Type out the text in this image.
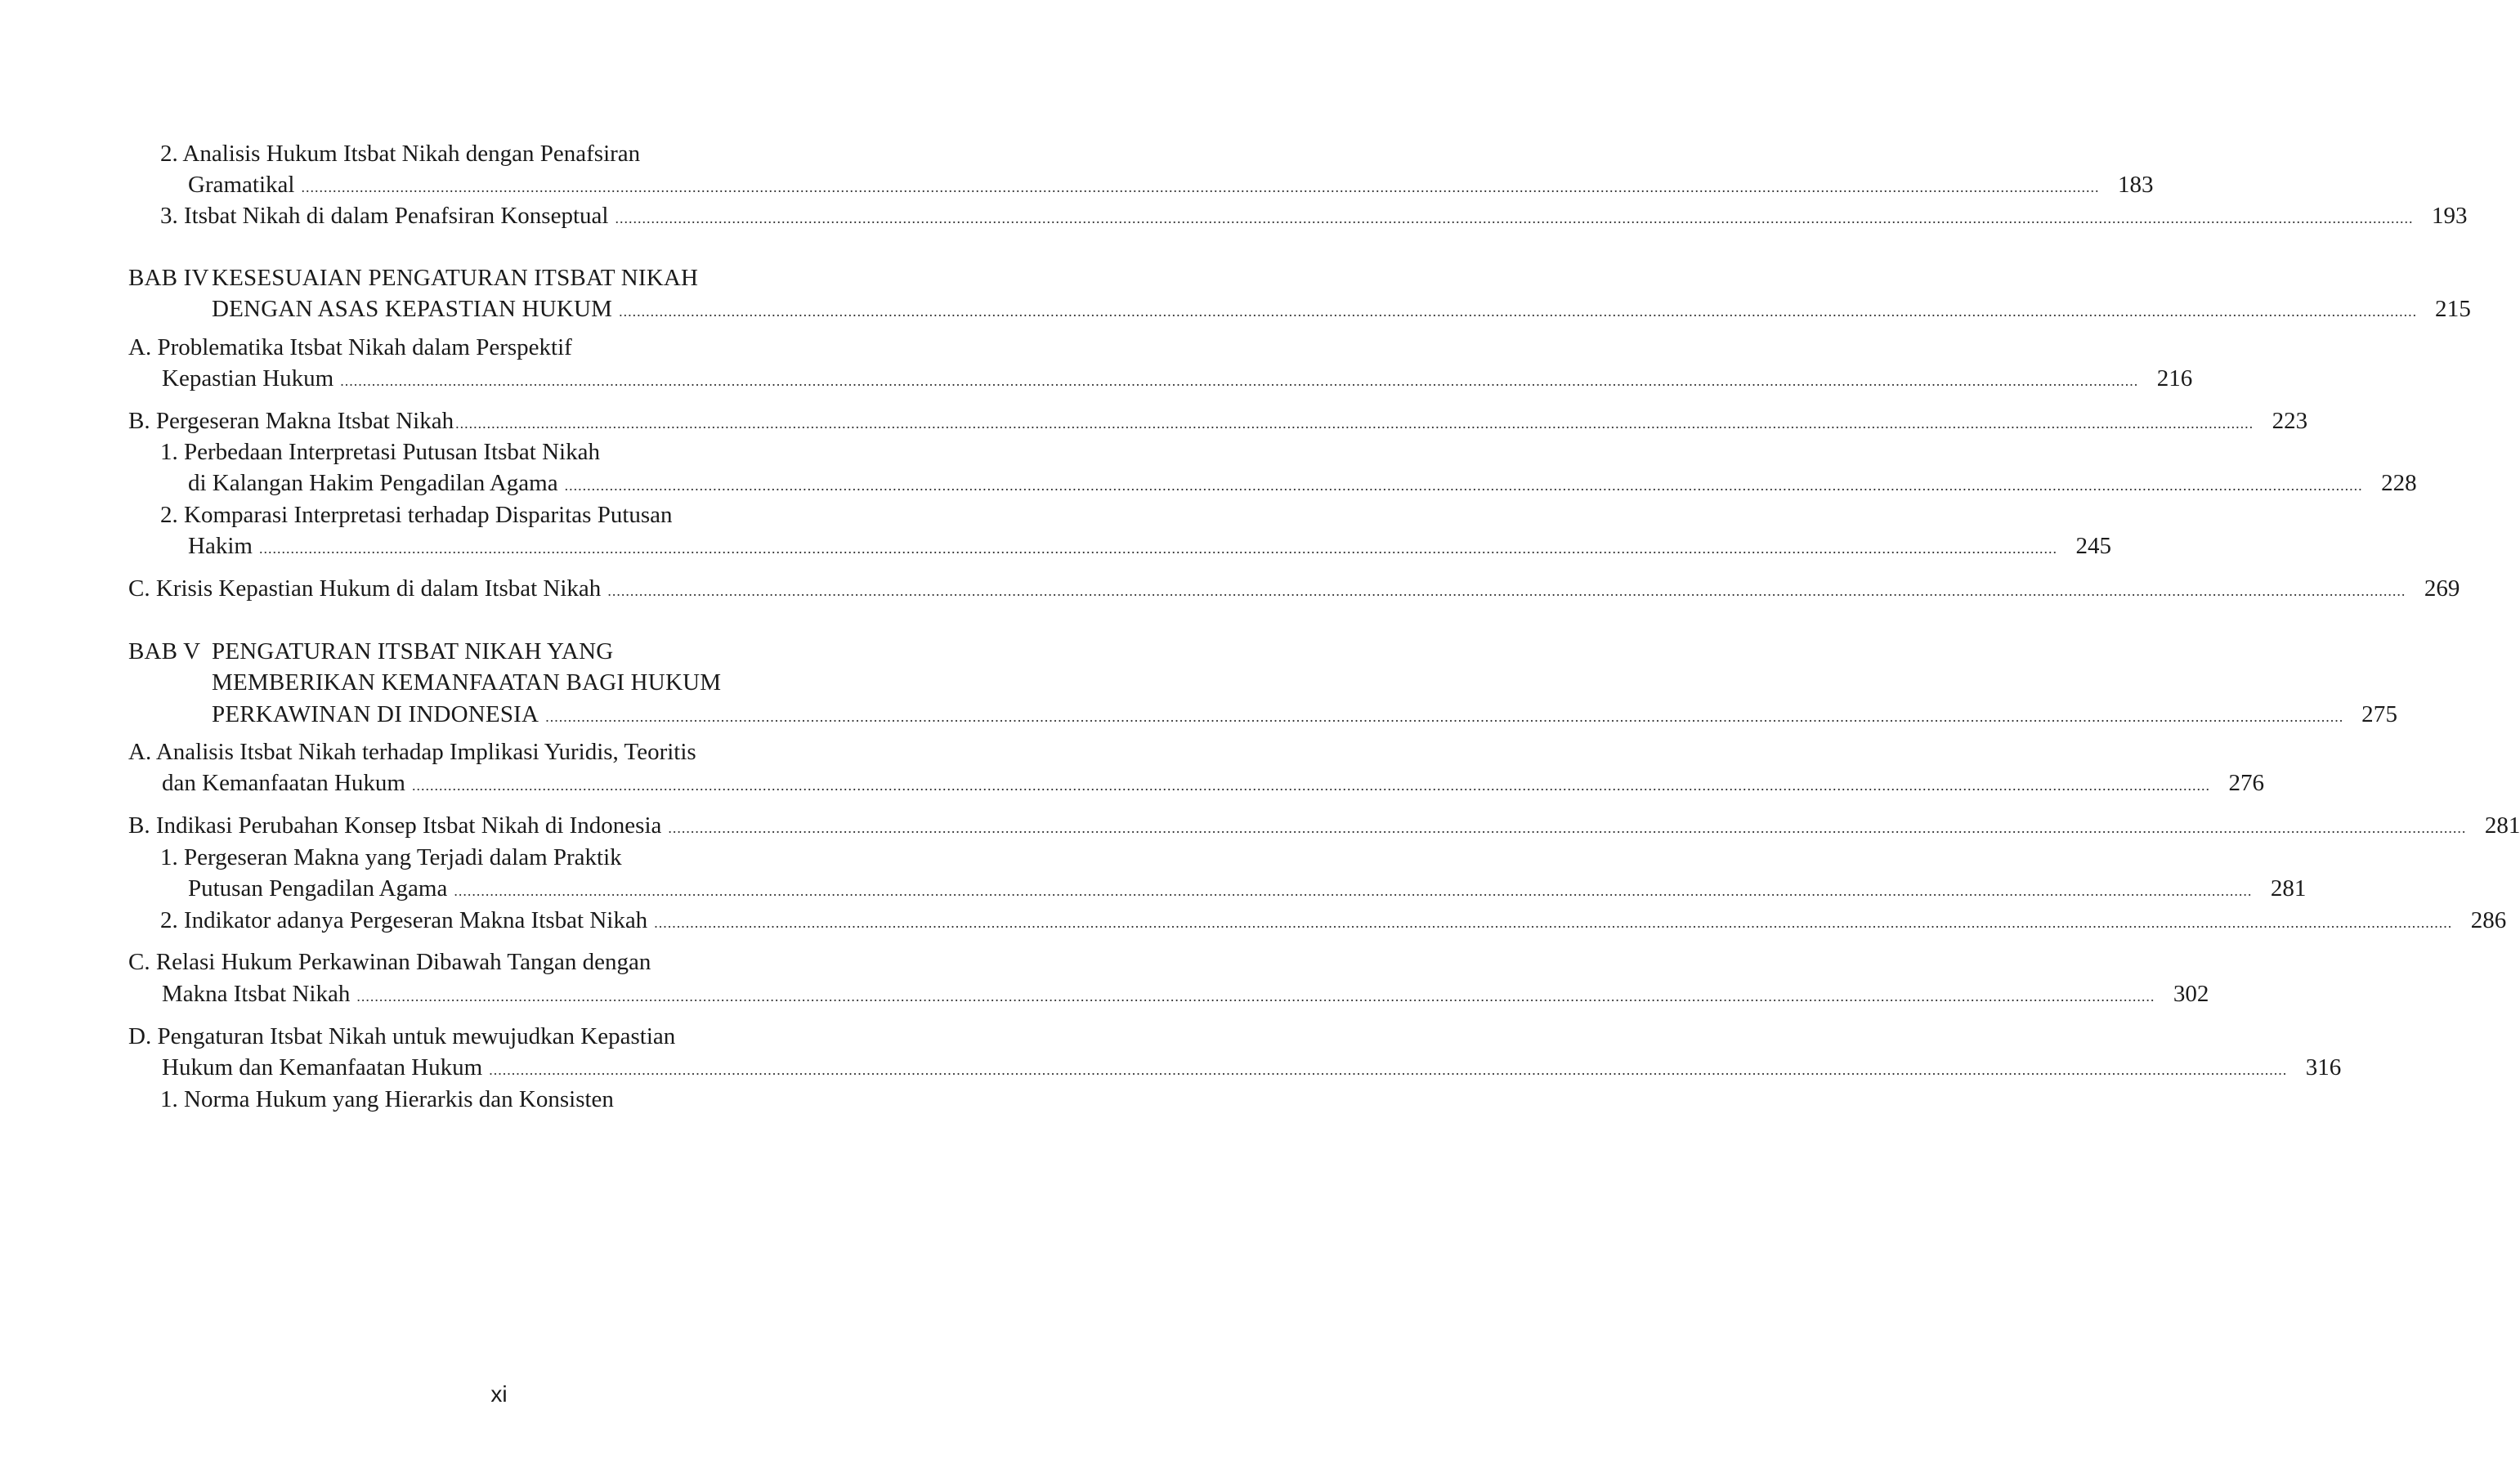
2. Analisis Hukum Itsbat Nikah dengan Penafsiran
Gramatikal ................................................................................................................................................................................................................................................................................................................................................................................................................ 183
3. Itsbat Nikah di dalam Penafsiran Konseptual ................................................................................................................................................................................................................................................................................................................................................................................................................ 193
BAB IV KESESUAIAN PENGATURAN ITSBAT NIKAH
DENGAN ASAS KEPASTIAN HUKUM ................................................................................................................................................................................................................................................................................................................................................................................................................ 215
A. Problematika Itsbat Nikah dalam Perspektif
Kepastian Hukum ................................................................................................................................................................................................................................................................................................................................................................................................................ 216
B. Pergeseran Makna Itsbat Nikah ................................................................................................................................................................................................................................................................................................................................................................................................................ 223
1. Perbedaan Interpretasi Putusan Itsbat Nikah
di Kalangan Hakim Pengadilan Agama ................................................................................................................................................................................................................................................................................................................................................................................................................ 228
2. Komparasi Interpretasi terhadap Disparitas Putusan
Hakim ................................................................................................................................................................................................................................................................................................................................................................................................................ 245
C. Krisis Kepastian Hukum di dalam Itsbat Nikah ................................................................................................................................................................................................................................................................................................................................................................................................................ 269
BAB V PENGATURAN ITSBAT NIKAH YANG
MEMBERIKAN KEMANFAATAN BAGI HUKUM
PERKAWINAN DI INDONESIA ................................................................................................................................................................................................................................................................................................................................................................................................................ 275
A. Analisis Itsbat Nikah terhadap Implikasi Yuridis, Teoritis
dan Kemanfaatan Hukum ................................................................................................................................................................................................................................................................................................................................................................................................................ 276
B. Indikasi Perubahan Konsep Itsbat Nikah di Indonesia ................................................................................................................................................................................................................................................................................................................................................................................................................ 281
1. Pergeseran Makna yang Terjadi dalam Praktik
Putusan Pengadilan Agama ................................................................................................................................................................................................................................................................................................................................................................................................................ 281
2. Indikator adanya Pergeseran Makna Itsbat Nikah ................................................................................................................................................................................................................................................................................................................................................................................................................ 286
C. Relasi Hukum Perkawinan Dibawah Tangan dengan
Makna Itsbat Nikah ................................................................................................................................................................................................................................................................................................................................................................................................................ 302
D. Pengaturan Itsbat Nikah untuk mewujudkan Kepastian
Hukum dan Kemanfaatan Hukum ................................................................................................................................................................................................................................................................................................................................................................................................................ 316
1. Norma Hukum yang Hierarkis dan Konsisten
xi
